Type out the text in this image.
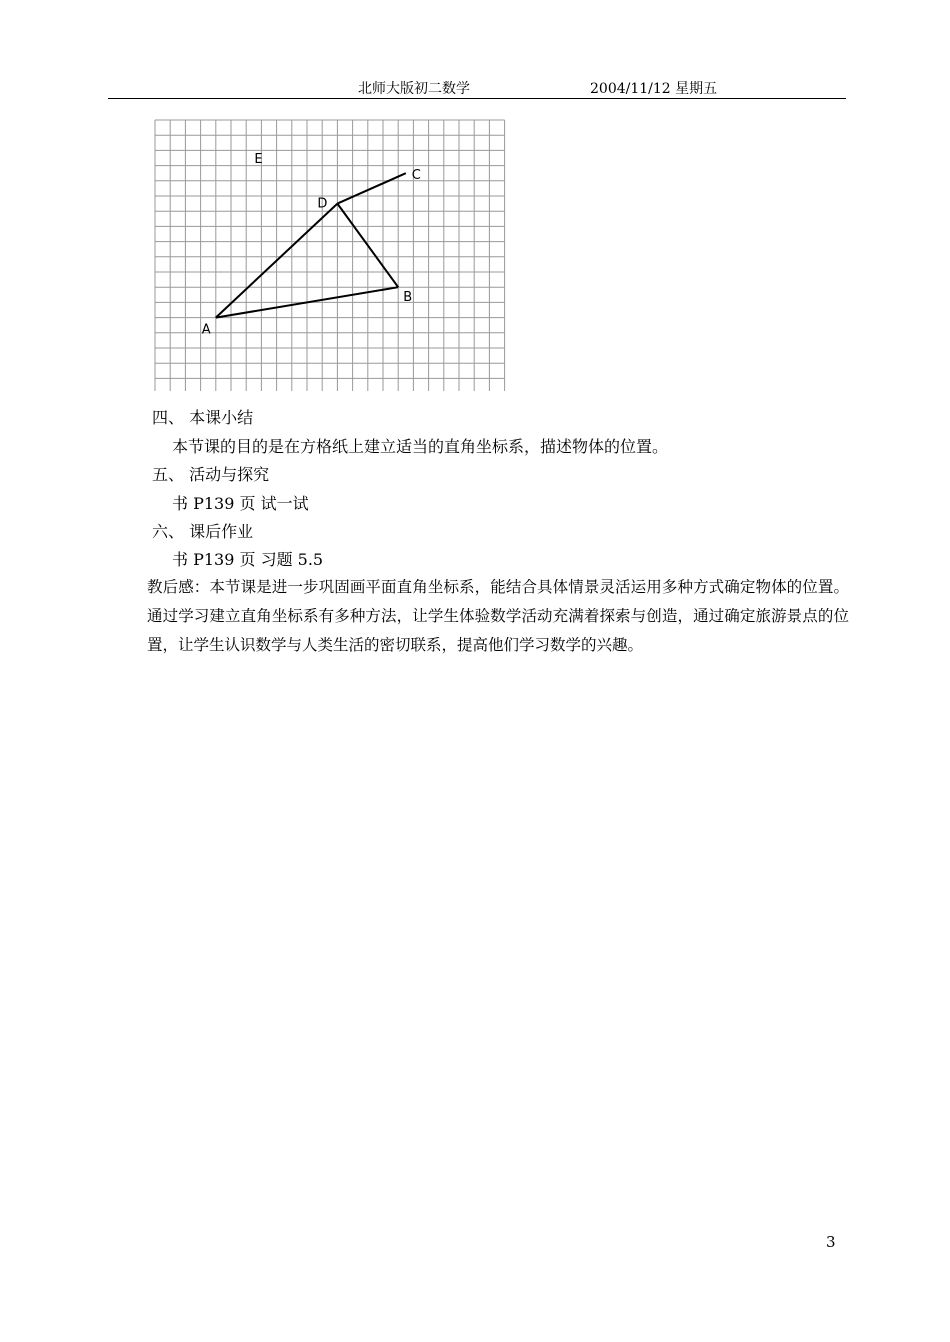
北师大版初二数学	2004/11/12 星期五
A
B
C
D
E
四、 本课小结
本节课的目的是在方格纸上建立适当的直角坐标系，描述物体的位置。
五、 活动与探究
书 P139 页 试一试
六、 课后作业
书 P139 页 习题 5.5
教后感：本节课是进一步巩固画平面直角坐标系，能结合具体情景灵活运用多种方式确定物体的位置。通过学习建立直角坐标系有多种方法，让学生体验数学活动充满着探索与创造，通过确定旅游景点的位置，让学生认识数学与人类生活的密切联系，提高他们学习数学的兴趣。
3
